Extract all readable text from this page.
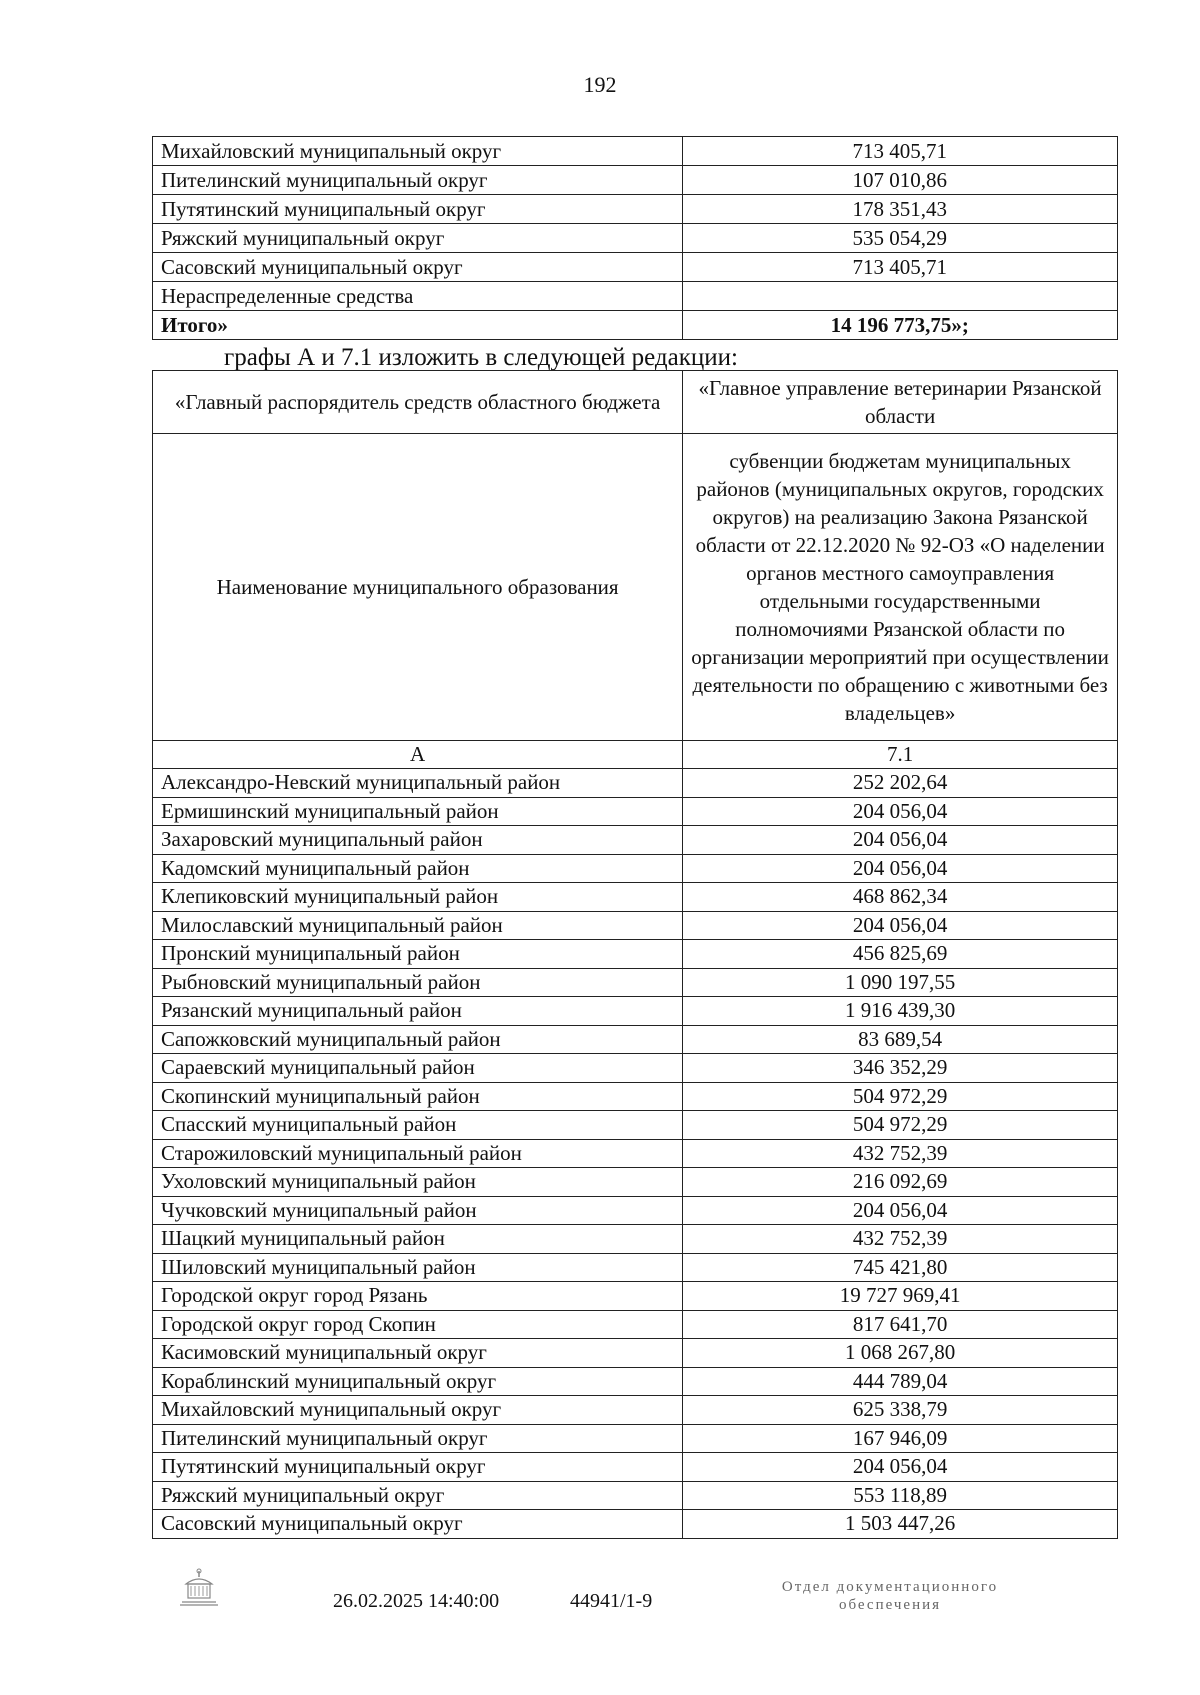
192
Михайловский муниципальный округ	713 405,71
Пителинский муниципальный округ	107 010,86
Путятинский муниципальный округ	178 351,43
Ряжский муниципальный округ	535 054,29
Сасовский муниципальный округ	713 405,71
Нераспределенные средства	
Итого»	14 196 773,75»;
графы А и 7.1 изложить в следующей редакции:
«Главный распорядитель средств областного бюджета	«Главное управление ветеринарии Рязанской области
Наименование муниципального образования	субвенции бюджетам муниципальных районов (муниципальных округов, городских округов) на реализацию Закона Рязанской области от 22.12.2020 № 92-ОЗ «О наделении органов местного самоуправления отдельными государственными полномочиями Рязанской области по организации мероприятий при осуществлении деятельности по обращению с животными без владельцев»
А	7.1
Александро-Невский муниципальный район	252 202,64
Ермишинский муниципальный район	204 056,04
Захаровский муниципальный район	204 056,04
Кадомский муниципальный район	204 056,04
Клепиковский муниципальный район	468 862,34
Милославский муниципальный район	204 056,04
Пронский муниципальный район	456 825,69
Рыбновский муниципальный район	1 090 197,55
Рязанский муниципальный район	1 916 439,30
Сапожковский муниципальный район	83 689,54
Сараевский муниципальный район	346 352,29
Скопинский муниципальный район	504 972,29
Спасский муниципальный район	504 972,29
Старожиловский муниципальный район	432 752,39
Ухоловский муниципальный район	216 092,69
Чучковский муниципальный район	204 056,04
Шацкий муниципальный район	432 752,39
Шиловский муниципальный район	745 421,80
Городской округ город Рязань	19 727 969,41
Городской округ город Скопин	817 641,70
Касимовский муниципальный округ	1 068 267,80
Кораблинский муниципальный округ	444 789,04
Михайловский муниципальный округ	625 338,79
Пителинский муниципальный округ	167 946,09
Путятинский муниципальный округ	204 056,04
Ряжский муниципальный округ	553 118,89
Сасовский муниципальный округ	1 503 447,26
26.02.2025 14:40:00	44941/1-9
Отдел документационного обеспечения
